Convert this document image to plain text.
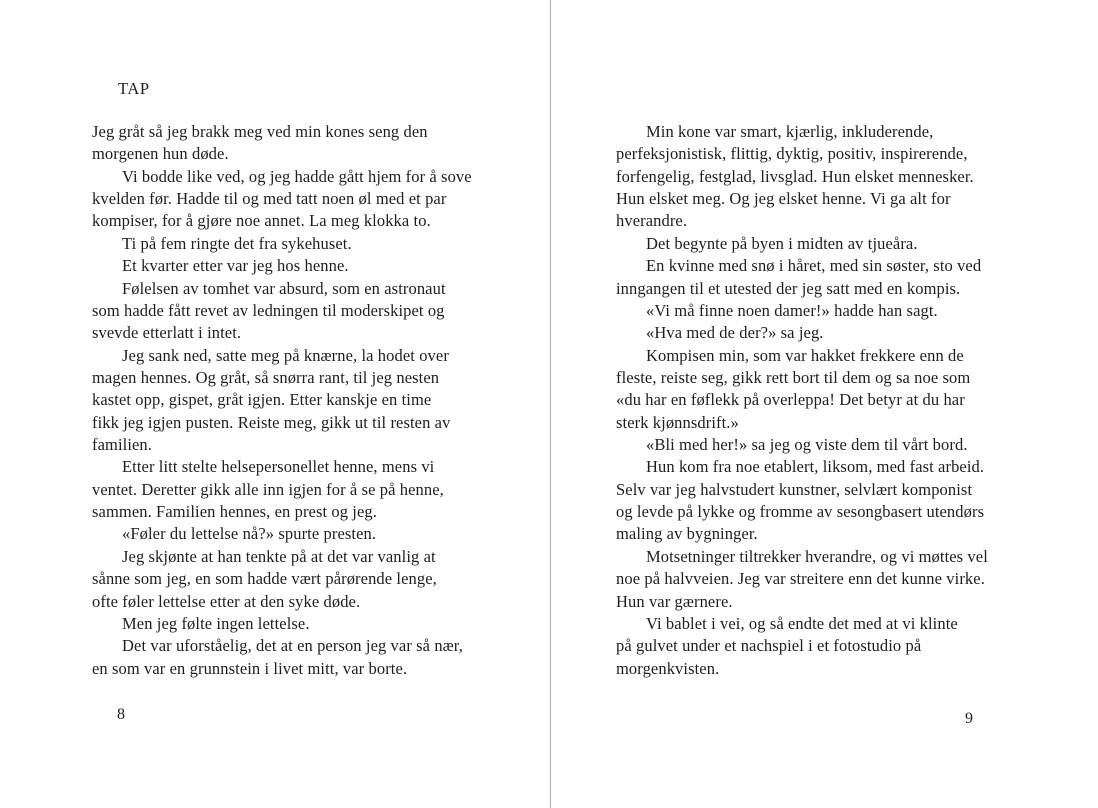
TAP
Jeg gråt så jeg brakk meg ved min kones seng den
morgenen hun døde.
Vi bodde like ved, og jeg hadde gått hjem for å sove
kvelden før. Hadde til og med tatt noen øl med et par
kompiser, for å gjøre noe annet. La meg klokka to.
Ti på fem ringte det fra sykehuset.
Et kvarter etter var jeg hos henne.
Følelsen av tomhet var absurd, som en astronaut
som hadde fått revet av ledningen til moderskipet og
svevde etterlatt i intet.
Jeg sank ned, satte meg på knærne, la hodet over
magen hennes. Og gråt, så snørra rant, til jeg nesten
kastet opp, gispet, gråt igjen. Etter kanskje en time
fikk jeg igjen pusten. Reiste meg, gikk ut til resten av
familien.
Etter litt stelte helsepersonellet henne, mens vi
ventet. Deretter gikk alle inn igjen for å se på henne,
sammen. Familien hennes, en prest og jeg.
«Føler du lettelse nå?» spurte presten.
Jeg skjønte at han tenkte på at det var vanlig at
sånne som jeg, en som hadde vært pårørende lenge,
ofte føler lettelse etter at den syke døde.
Men jeg følte ingen lettelse.
Det var uforståelig, det at en person jeg var så nær,
en som var en grunnstein i livet mitt, var borte.
8
Min kone var smart, kjærlig, inkluderende,
perfeksjonistisk, flittig, dyktig, positiv, inspirerende,
forfengelig, festglad, livsglad. Hun elsket mennesker.
Hun elsket meg. Og jeg elsket henne. Vi ga alt for
hverandre.
Det begynte på byen i midten av tjueåra.
En kvinne med snø i håret, med sin søster, sto ved
inngangen til et utested der jeg satt med en kompis.
«Vi må finne noen damer!» hadde han sagt.
«Hva med de der?» sa jeg.
Kompisen min, som var hakket frekkere enn de
fleste, reiste seg, gikk rett bort til dem og sa noe som
«du har en føflekk på overleppa! Det betyr at du har
sterk kjønnsdrift.»
«Bli med her!» sa jeg og viste dem til vårt bord.
Hun kom fra noe etablert, liksom, med fast arbeid.
Selv var jeg halvstudert kunstner, selvlært komponist
og levde på lykke og fromme av sesongbasert utendørs
maling av bygninger.
Motsetninger tiltrekker hverandre, og vi møttes vel
noe på halvveien. Jeg var streitere enn det kunne virke.
Hun var gærnere.
Vi bablet i vei, og så endte det med at vi klinte
på gulvet under et nachspiel i et fotostudio på
morgenkvisten.
9
